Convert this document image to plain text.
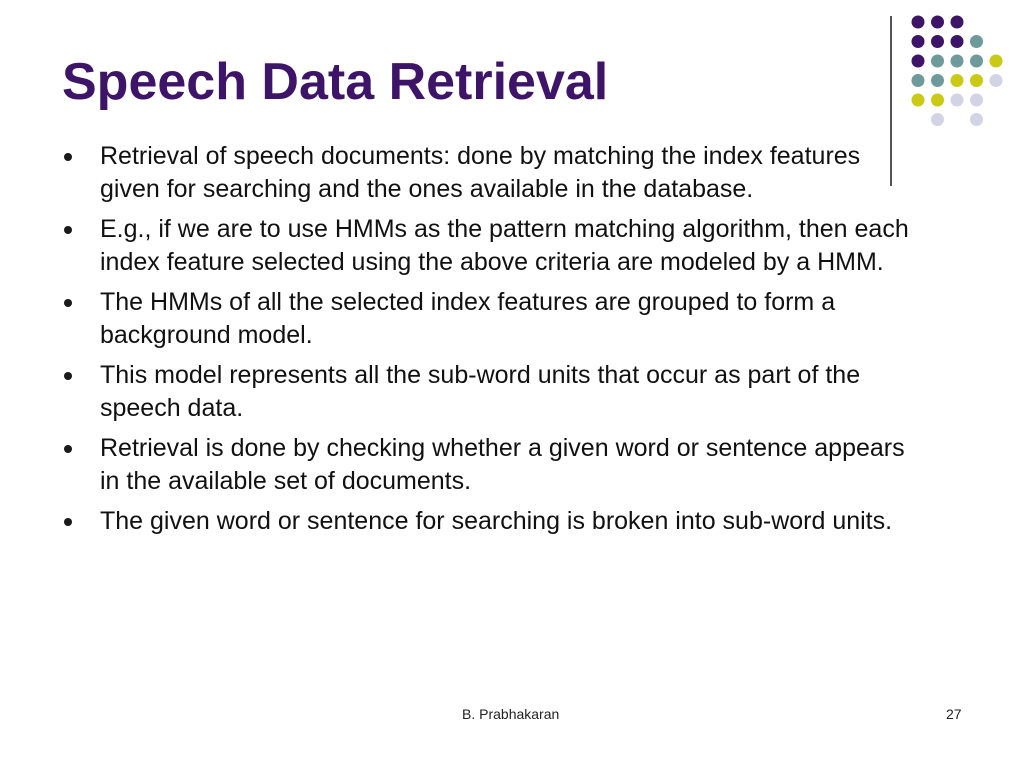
Speech Data Retrieval
Retrieval of speech documents: done by matching the index features given for searching and the ones available in the database.
E.g., if we are to use HMMs as the pattern matching algorithm, then each index feature selected using the above criteria are modeled by a HMM.
The HMMs of all the selected index features are grouped to form a background model.
This model represents all the sub-word units that occur as part of the speech data.
Retrieval is done by checking whether a given word or sentence appears in the available set of documents.
The given word or sentence for searching is broken into sub-word units.
B. Prabhakaran	27
